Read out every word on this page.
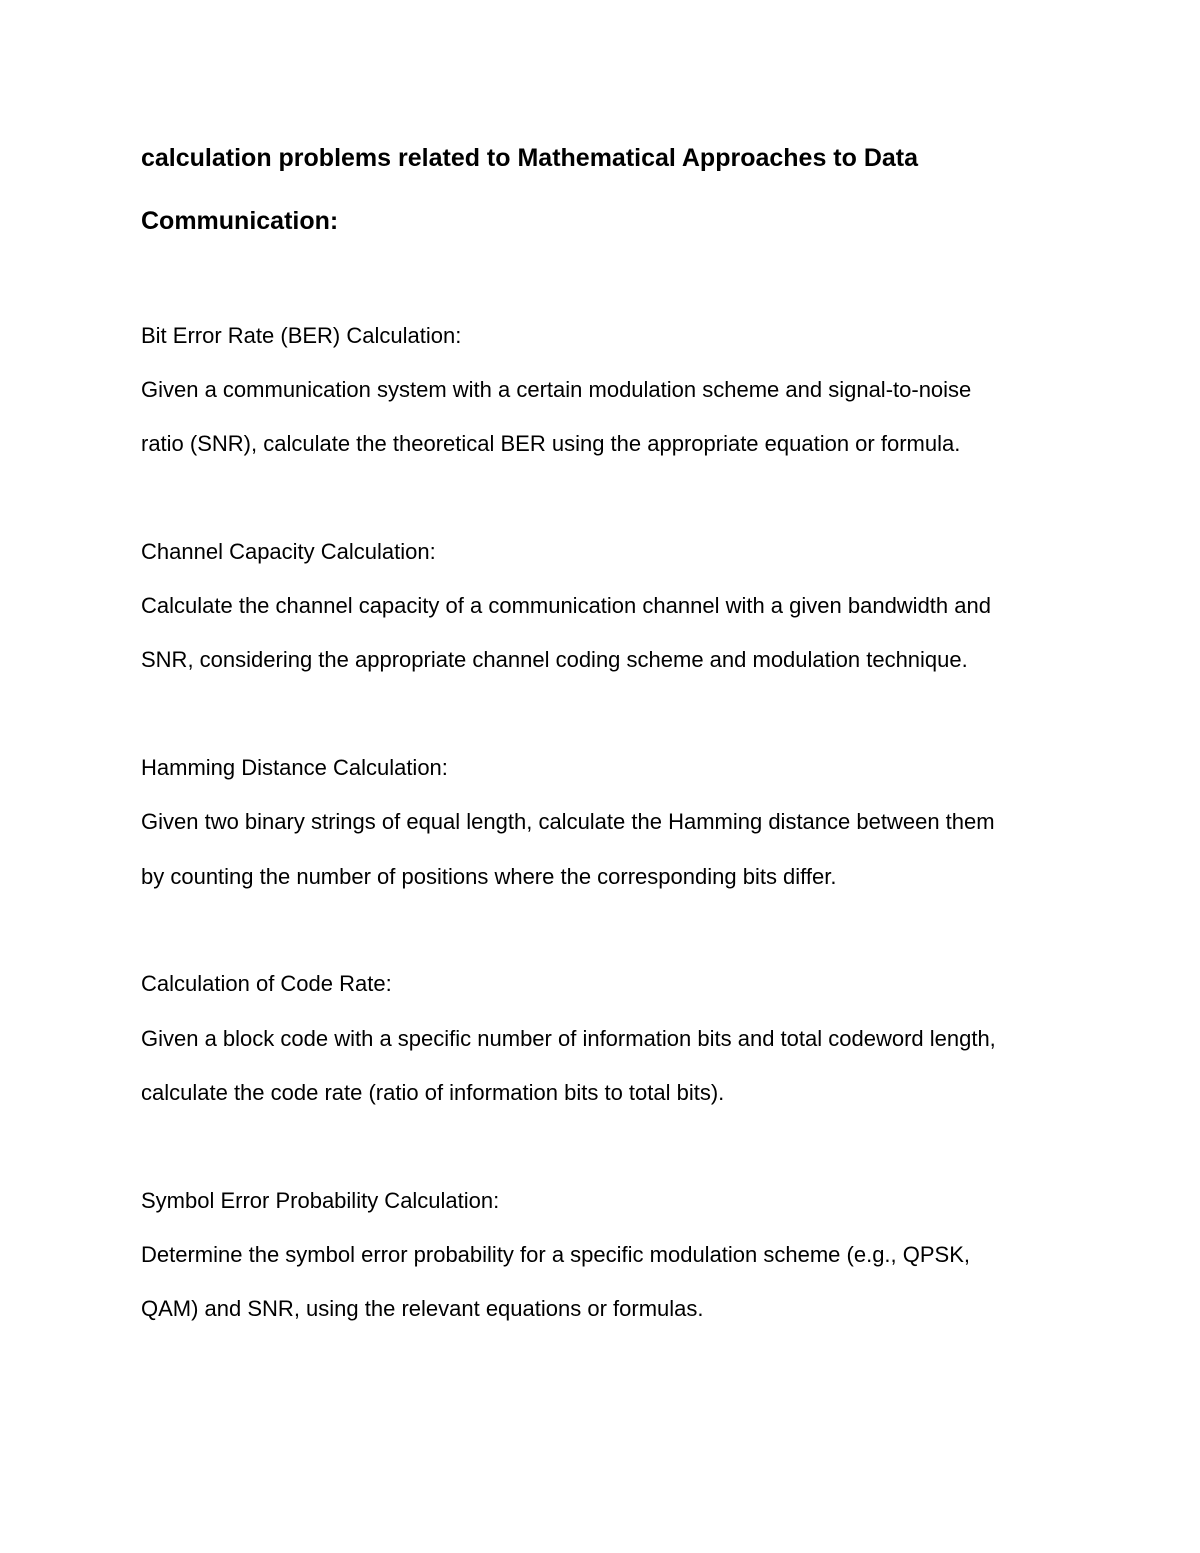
calculation problems related to Mathematical Approaches to Data

Communication:

Bit Error Rate (BER) Calculation:

Given a communication system with a certain modulation scheme and signal-to-noise

ratio (SNR), calculate the theoretical BER using the appropriate equation or formula.

Channel Capacity Calculation:

Calculate the channel capacity of a communication channel with a given bandwidth and

SNR, considering the appropriate channel coding scheme and modulation technique.

Hamming Distance Calculation:

Given two binary strings of equal length, calculate the Hamming distance between them

by counting the number of positions where the corresponding bits differ.

Calculation of Code Rate:

Given a block code with a specific number of information bits and total codeword length,

calculate the code rate (ratio of information bits to total bits).

Symbol Error Probability Calculation:

Determine the symbol error probability for a specific modulation scheme (e.g., QPSK,

QAM) and SNR, using the relevant equations or formulas.
